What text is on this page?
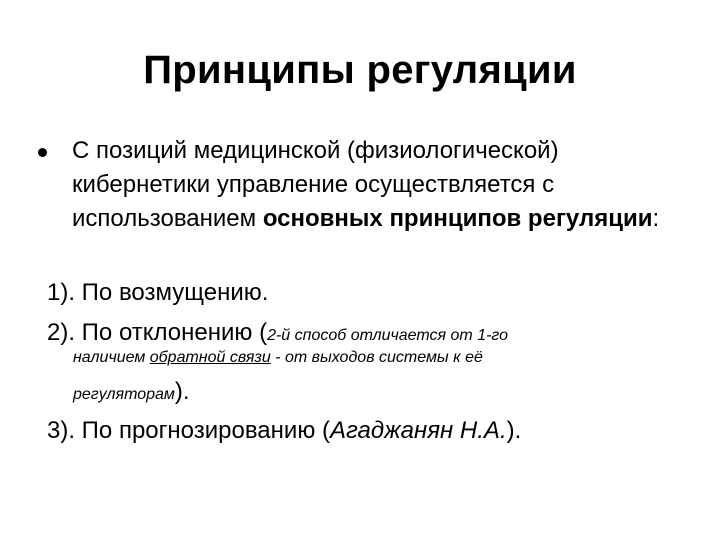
Принципы регуляции
С позиций медицинской (физиологической) кибернетики управление осуществляется с использованием основных принципов регуляции:
1). По возмущению.
2). По отклонению (2-й способ отличается от 1-го
наличием обратной связи - от выходов системы к её
регуляторам).
3). По прогнозированию (Агаджанян Н.А.).
